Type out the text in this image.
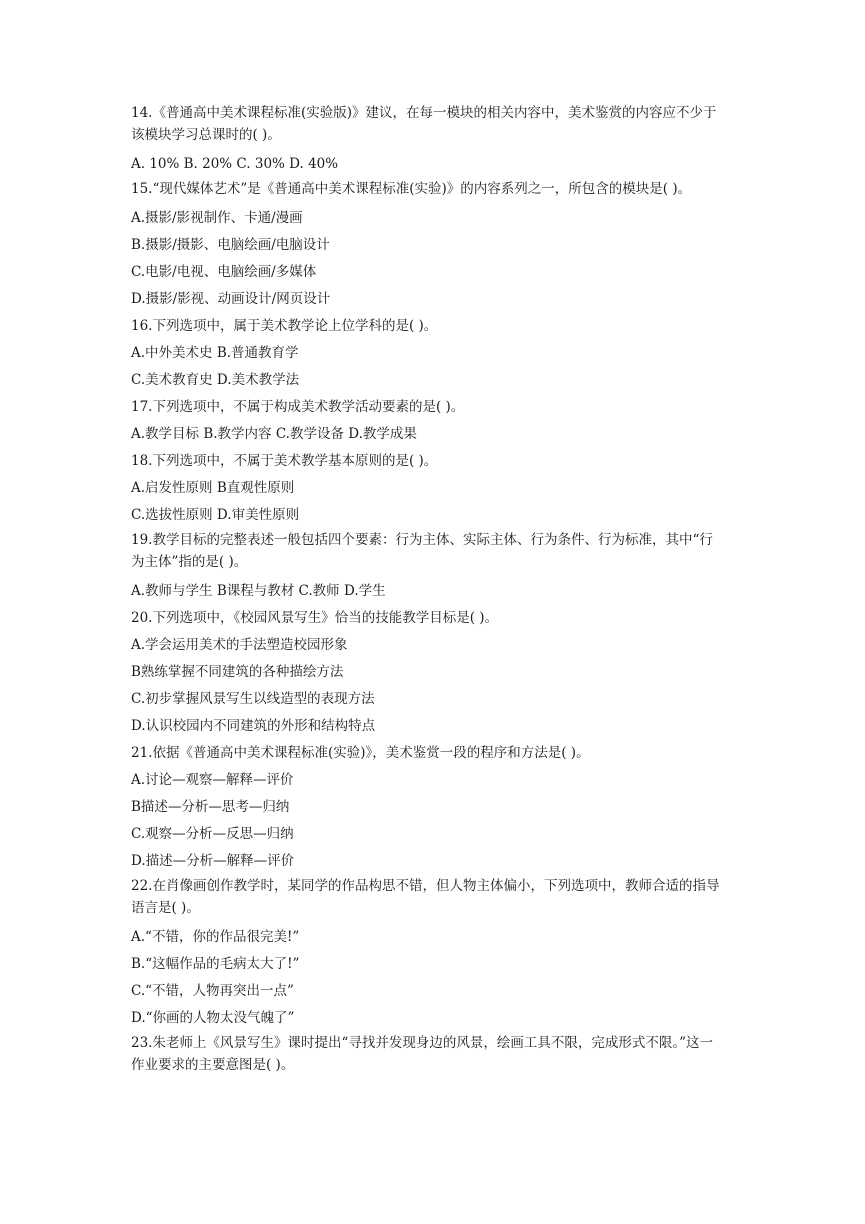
14.《普通高中美术课程标准(实验版)》建议，在每一模块的相关内容中，美术鉴赏的内容应不少于该模块学习总课时的( )。
A. 10% B. 20% C. 30% D. 40%
15.“现代媒体艺术”是《普通高中美术课程标准(实验)》的内容系列之一，所包含的模块是( )。
A.摄影/影视制作、卡通/漫画
B.摄影/摄影、电脑绘画/电脑设计
C.电影/电视、电脑绘画/多媒体
D.摄影/影视、动画设计/网页设计
16.下列选项中，属于美术教学论上位学科的是( )。
A.中外美术史 B.普通教育学
C.美术教育史 D.美术教学法
17.下列选项中，不属于构成美术教学活动要素的是( )。
A.教学目标 B.教学内容 C.教学设备 D.教学成果
18.下列选项中，不属于美术教学基本原则的是( )。
A.启发性原则 B直观性原则
C.选拔性原则 D.审美性原则
19.教学目标的完整表述一般包括四个要素：行为主体、实际主体、行为条件、行为标准，其中“行为主体”指的是( )。
A.教师与学生 B课程与教材 C.教师 D.学生
20.下列选项中，《校园风景写生》恰当的技能教学目标是( )。
A.学会运用美术的手法塑造校园形象
B熟练掌握不同建筑的各种描绘方法
C.初步掌握风景写生以线造型的表现方法
D.认识校园内不同建筑的外形和结构特点
21.依据《普通高中美术课程标准(实验)》，美术鉴赏一段的程序和方法是( )。
A.讨论—观察—解释—评价
B描述—分析—思考—归纳
C.观察—分析—反思—归纳
D.描述—分析—解释—评价
22.在肖像画创作教学时，某同学的作品构思不错，但人物主体偏小，下列选项中，教师合适的指导语言是( )。
A.“不错，你的作品很完美!”
B.“这幅作品的毛病太大了!”
C.“不错，人物再突出一点”
D.“你画的人物太没气魄了”
23.朱老师上《风景写生》课时提出“寻找并发现身边的风景，绘画工具不限，完成形式不限。”这一作业要求的主要意图是( )。
